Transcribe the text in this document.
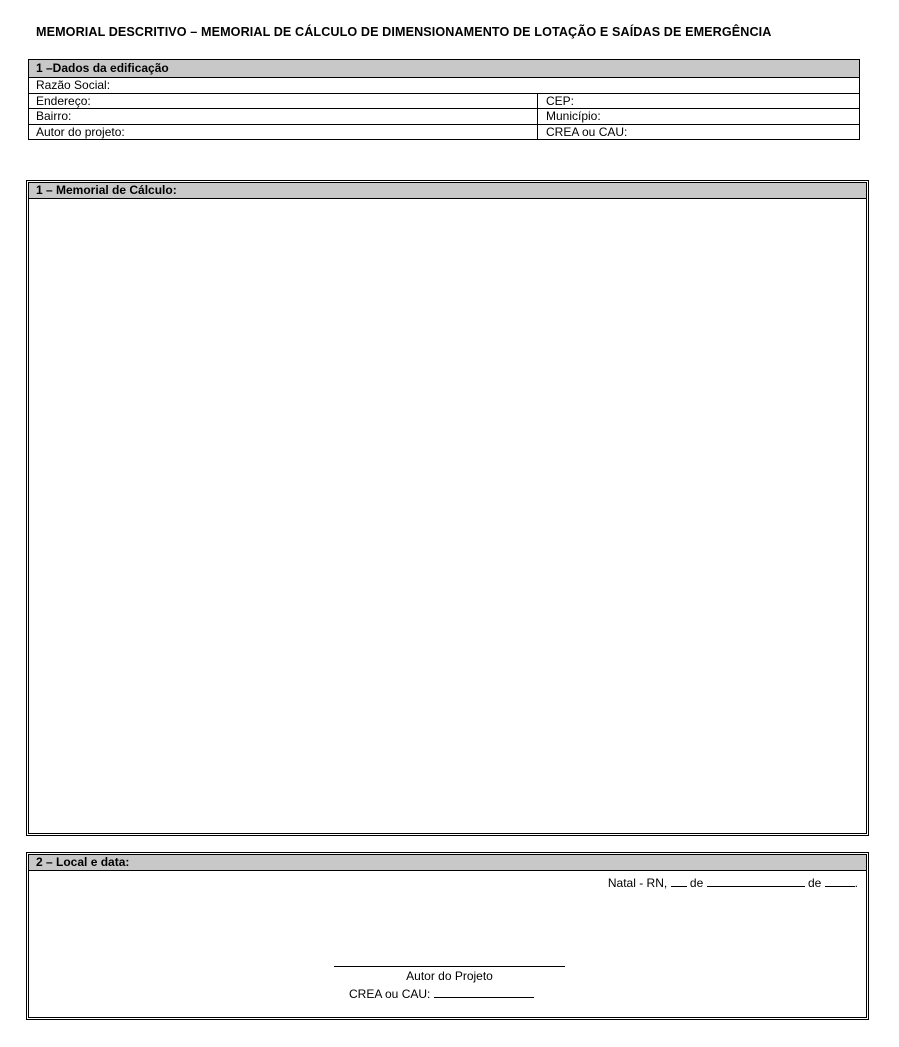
MEMORIAL DESCRITIVO – MEMORIAL DE CÁLCULO DE DIMENSIONAMENTO DE LOTAÇÃO E SAÍDAS DE EMERGÊNCIA
1 –Dados da edificação
Razão Social:
Endereço:	CEP:
Bairro:	Município:
Autor do projeto:	CREA ou CAU:
1 – Memorial de Cálculo:
2 – Local e data:
Natal - RN, de	de	.
Autor do Projeto
CREA ou CAU:
